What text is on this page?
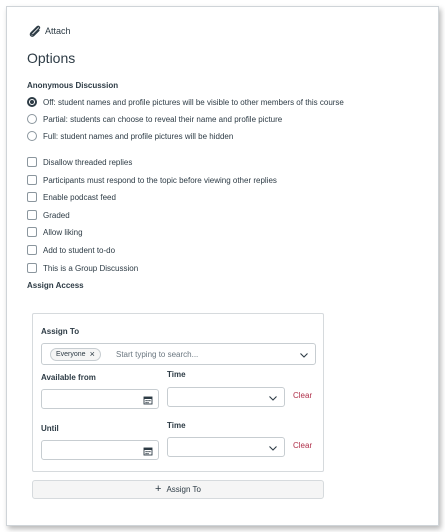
Attach
Options
Anonymous Discussion
Off: student names and profile pictures will be visible to other members of this course
Partial: students can choose to reveal their name and profile picture
Full: student names and profile pictures will be hidden
Disallow threaded replies
Participants must respond to the topic before viewing other replies
Enable podcast feed
Graded
Allow liking
Add to student to-do
This is a Group Discussion
Assign Access
Assign To
Everyone ×	Start typing to search...
Available from	Time
Clear
Until	Time
Clear
+ Assign To
